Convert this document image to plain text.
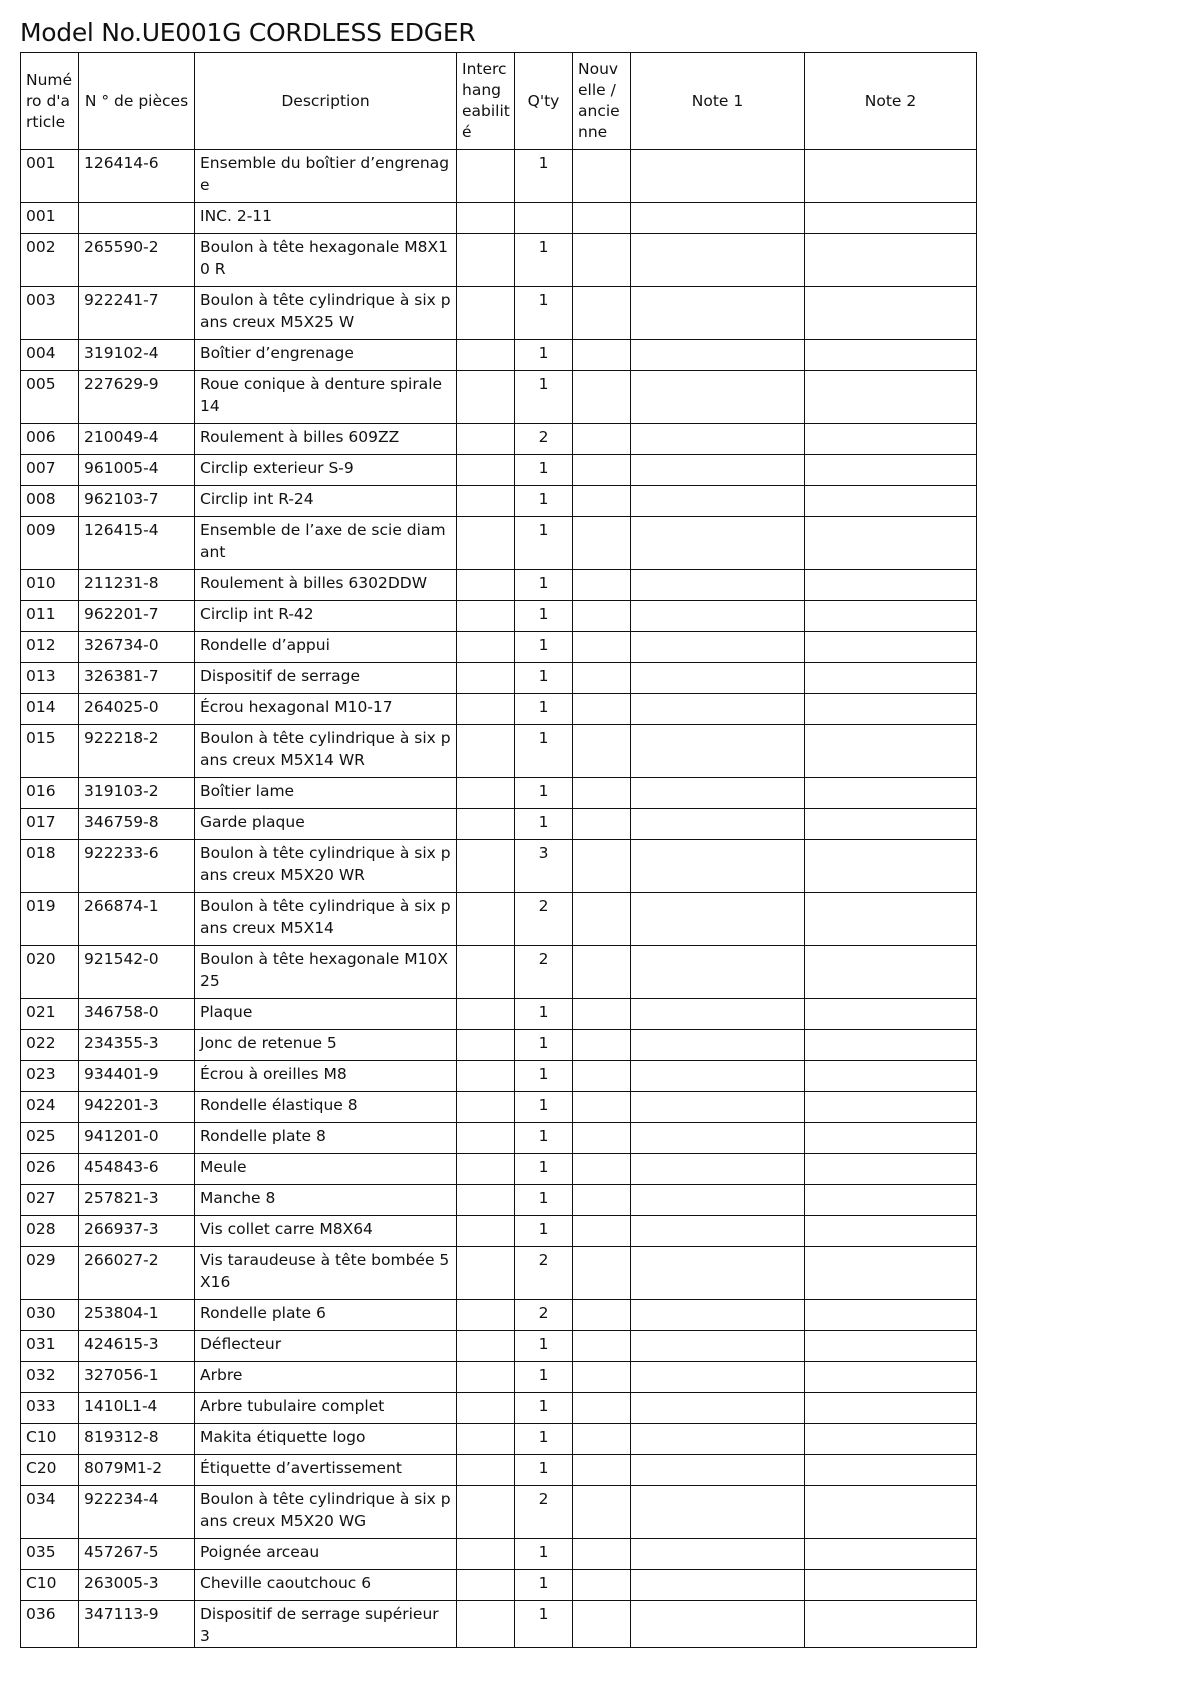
Model No.UE001G CORDLESS EDGER
Numé ro d'a rticle	N ° de pièces	Description	Interc hang eabilit é	Q'ty	Nouv elle / ancie nne	Note 1	Note 2
001	126414-6	Ensemble du boîtier d’engrenage		1			
001		INC. 2-11					
002	265590-2	Boulon à tête hexagonale M8X10 R		1			
003	922241-7	Boulon à tête cylindrique à six pans creux M5X25 W		1			
004	319102-4	Boîtier d’engrenage		1			
005	227629-9	Roue conique à denture spirale 14		1			
006	210049-4	Roulement à billes 609ZZ		2			
007	961005-4	Circlip exterieur S-9		1			
008	962103-7	Circlip int R-24		1			
009	126415-4	Ensemble de l’axe de scie diamant		1			
010	211231-8	Roulement à billes 6302DDW		1			
011	962201-7	Circlip int R-42		1			
012	326734-0	Rondelle d’appui		1			
013	326381-7	Dispositif de serrage		1			
014	264025-0	Écrou hexagonal M10-17		1			
015	922218-2	Boulon à tête cylindrique à six pans creux M5X14 WR		1			
016	319103-2	Boîtier lame		1			
017	346759-8	Garde plaque		1			
018	922233-6	Boulon à tête cylindrique à six pans creux M5X20 WR		3			
019	266874-1	Boulon à tête cylindrique à six pans creux M5X14		2			
020	921542-0	Boulon à tête hexagonale M10X25		2			
021	346758-0	Plaque		1			
022	234355-3	Jonc de retenue 5		1			
023	934401-9	Écrou à oreilles M8		1			
024	942201-3	Rondelle élastique 8		1			
025	941201-0	Rondelle plate 8		1			
026	454843-6	Meule		1			
027	257821-3	Manche 8		1			
028	266937-3	Vis collet carre M8X64		1			
029	266027-2	Vis taraudeuse à tête bombée 5X16		2			
030	253804-1	Rondelle plate 6		2			
031	424615-3	Déflecteur		1			
032	327056-1	Arbre		1			
033	1410L1-4	Arbre tubulaire complet		1			
C10	819312-8	Makita étiquette logo		1			
C20	8079M1-2	Étiquette d’avertissement		1			
034	922234-4	Boulon à tête cylindrique à six pans creux M5X20 WG		2			
035	457267-5	Poignée arceau		1			
C10	263005-3	Cheville caoutchouc 6		1			
036	347113-9	Dispositif de serrage supérieur 3		1			
